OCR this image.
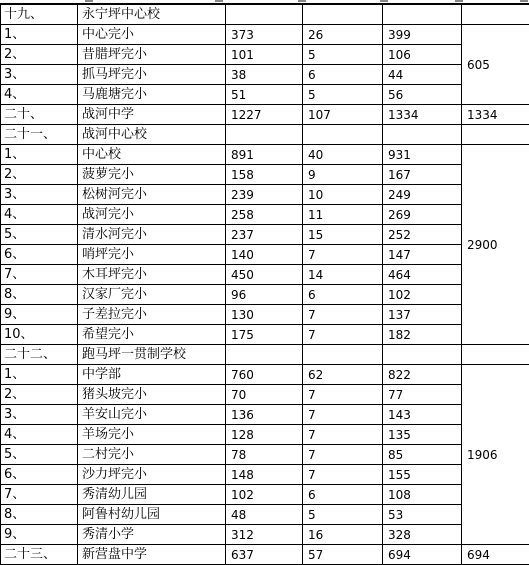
十九、	永宁坪中心校				
1、	中心完小	373	26	399	605
2、	昔腊坪完小	101	5	106	
3、	抓马坪完小	38	6	44	
4、	马鹿塘完小	51	5	56	
二十、	战河中学	1227	107	1334	1334
二十一、	战河中心校				
1、	中心校	891	40	931	2900
2、	菠萝完小	158	9	167	
3、	松树河完小	239	10	249	
4、	战河完小	258	11	269	
5、	清水河完小	237	15	252	
6、	哨坪完小	140	7	147	
7、	木耳坪完小	450	14	464	
8、	汉家厂完小	96	6	102	
9、	子差拉完小	130	7	137	
10、	希望完小	175	7	182	
二十二、	跑马坪一贯制学校				
1、	中学部	760	62	822	1906
2、	猪头坡完小	70	7	77	
3、	羊安山完小	136	7	143	
4、	羊场完小	128	7	135	
5、	二村完小	78	7	85	
6、	沙力坪完小	148	7	155	
7、	秀清幼儿园	102	6	108	
8、	阿鲁村幼儿园	48	5	53	
9、	秀清小学	312	16	328	
二十三、	新营盘中学	637	57	694	694
